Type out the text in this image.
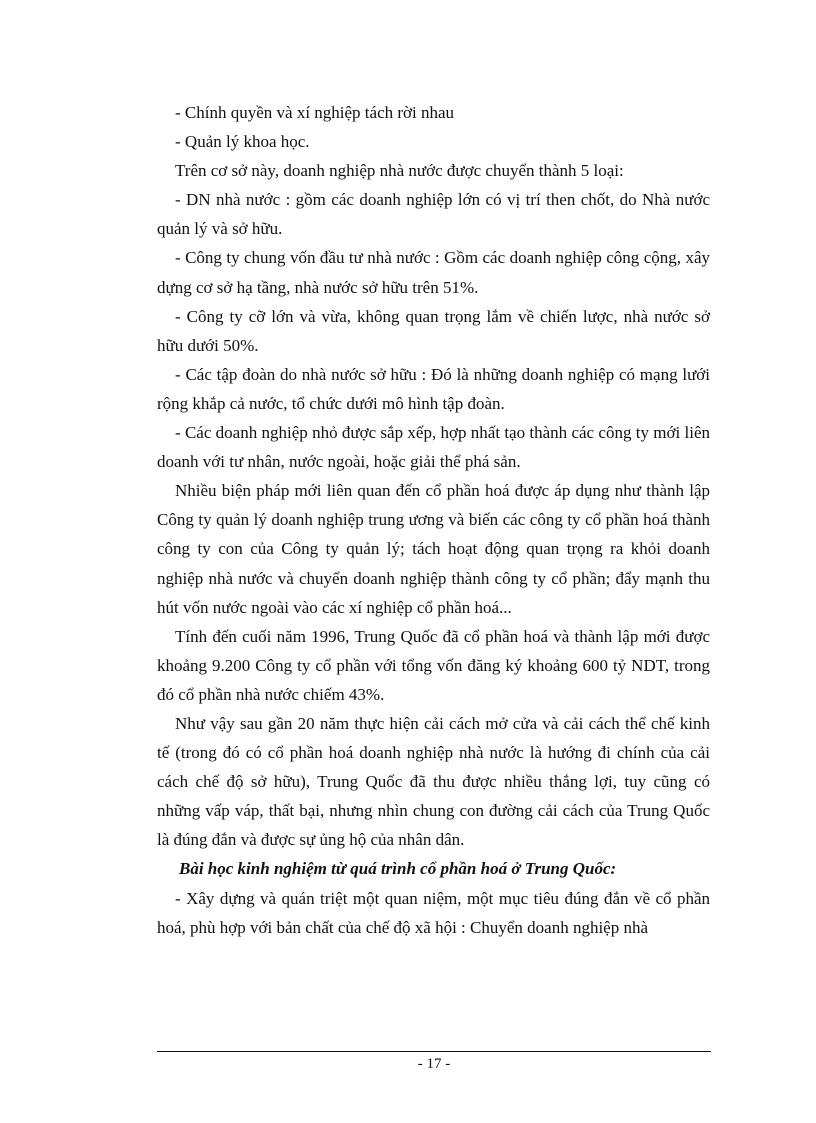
- Chính quyền và xí nghiệp tách rời nhau

- Quản lý khoa học.

Trên cơ sở này, doanh nghiệp nhà nước được chuyển thành 5 loại:

- DN nhà nước : gồm các doanh nghiệp lớn có vị trí then chốt, do Nhà nước quản lý và sở hữu.

- Công ty chung vốn đầu tư nhà nước : Gồm các doanh nghiệp công cộng, xây dựng cơ sở hạ tầng, nhà nước sở hữu trên 51%.

- Công ty cỡ lớn và vừa, không quan trọng lắm về chiến lược, nhà nước sở hữu dưới 50%.

- Các tập đoàn do nhà nước sở hữu : Đó là những doanh nghiệp có mạng lưới rộng khắp cả nước, tổ chức dưới mô hình tập đoàn.

- Các doanh nghiệp nhỏ được sắp xếp, hợp nhất tạo thành các công ty mới liên doanh với tư nhân, nước ngoài, hoặc giải thể phá sản.

Nhiều biện pháp mới liên quan đến cổ phần hoá được áp dụng như thành lập Công ty quản lý doanh nghiệp trung ương và biến các công ty cổ phần hoá thành công ty con của Công ty quản lý; tách hoạt động quan trọng ra khỏi doanh nghiệp nhà nước và chuyển doanh nghiệp thành công ty cổ phần; đẩy mạnh thu hút vốn nước ngoài vào các xí nghiệp cổ phần hoá...

Tính đến cuối năm 1996, Trung Quốc đã cổ phần hoá và thành lập mới được khoảng 9.200 Công ty cổ phần với tổng vốn đăng ký khoảng 600 tỷ NDT, trong đó cổ phần nhà nước chiếm 43%.

Như vậy sau gần 20 năm thực hiện cải cách mở cửa và cải cách thể chế kinh tế (trong đó có cổ phần hoá doanh nghiệp nhà nước là hướng đi chính của cải cách chế độ sở hữu), Trung Quốc đã thu được nhiều thắng lợi, tuy cũng có những vấp váp, thất bại, nhưng nhìn chung con đường cải cách của Trung Quốc là đúng đắn và được sự ủng hộ của nhân dân.

Bài học kinh nghiệm từ quá trình cổ phần hoá ở Trung Quốc:

- Xây dựng và quán triệt một quan niệm, một mục tiêu đúng đắn về cổ phần hoá, phù hợp với bản chất của chế độ xã hội : Chuyển doanh nghiệp nhà

- 17 -
